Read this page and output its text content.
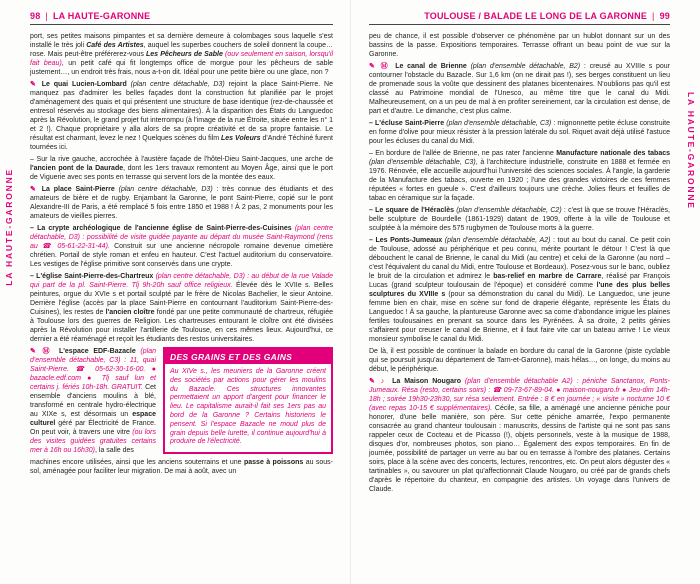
98 | LA HAUTE-GARONNE

port, ses petites maisons pimpantes et sa dernière demeure à colombages sous laquelle s'est installé le très joli Café des Artistes, auquel les superbes couchers de soleil donnent la coupe… rose. Mais peut-être préférerez-vous Les Pêcheurs de Sable (ouv seulement en saison, lorsqu'il fait beau), un petit café qui fit longtemps office de morgue pour les pêcheurs de sable justement…, un endroit très frais, nous a-t-on dit. Idéal pour une petite bière ou une glace, non ?

✎ Le quai Lucien-Lombard (plan centre détachable, D3) rejoint la place Saint-Pierre. Ne manquez pas d'admirer les belles façades dont la construction fut planifiée par le projet d'aménagement des quais et qui présentent une structure de base identique (rez-de-chaussée et entresol réservés au stockage des biens alimentaires). À la disparition des États du Languedoc après la Révolution, le grand projet fut interrompu (à l'image de la rue Étroite, située entre les n° 1 et 2 !). Chaque propriétaire y alla alors de sa propre créativité et de sa propre fantaisie. Le résultat est charmant, levez le nez ! Quelques scènes du film Les Voleurs d'André Téchiné furent tournées ici.

– Sur la rive gauche, accrochée à l'austère façade de l'hôtel-Dieu Saint-Jacques, une arche de l'ancien pont de la Daurade, dont les 1ers travaux remontent au Moyen Âge, ainsi que le port de Viguerie avec ses ponts en terrasse qui servent lors de la montée des eaux.

✎ La place Saint-Pierre (plan centre détachable, D3) : très connue des étudiants et des amateurs de bière et de rugby. Enjambant la Garonne, le pont Saint-Pierre, copié sur le pont Alexandre-III de Paris, a été remplacé 5 fois entre 1850 et 1988 ! À 2 pas, 2 monuments pour les amateurs de vieilles pierres.

– La crypte archéologique de l'ancienne église de Saint-Pierre-des-Cuisines (plan centre détachable, D3) : possibilité de visite guidée payante au départ du musée Saint-Raymond (rens au ☎ 05-61-22-31-44). Construit sur une ancienne nécropole romaine devenue cimetière chrétien. Portail de style roman et enfeu en hauteur. C'est l'actuel auditorium du conservatoire. Les vestiges de l'église primitive sont conservés dans une crypte.

– L'église Saint-Pierre-des-Chartreux (plan centre détachable, D3) : au début de la rue Valade qui part de la pl. Saint-Pierre. Tlj 9h-20h sauf office religieux. Élevée dès le XVIIe s. Belles peintures, orgue du XVIe s et portail sculpté par le frère de Nicolas Bachelier, le sieur Antoine. Derrière l'église (accès par la place Saint-Pierre en contournant l'auditorium Saint-Pierre-des-Cuisines), les restes de l'ancien cloître fondé par une petite communauté de chartreux, réfugiée à Toulouse lors des guerres de Religion. Les chartreuses entourant le cloître ont été divisées après la Révolution pour installer l'artillerie de Toulouse, en ces mêmes lieux. Aujourd'hui, ce dernier a été réaménagé et reçoit les étudiants des restos universitaires.

✎ Ⓜ L'espace EDF-Bazacle (plan d'ensemble détachable, C3) : 11, quai Saint-Pierre. ☎ 05-62-30-16-00. ● bazacle.edf.com ● Tlj sauf lun et certains j. fériés 10h-18h. GRATUIT. Cet ensemble d'anciens moulins à blé, transformé en centrale hydro-électrique au XIXe s, est désormais un espace culturel géré par Électricité de France. On peut voir, à travers une vitre (ou lors des visites guidées gratuites certains mer à 16h ou 16h30), la salle des

DES GRAINS ET DES GAINS

Au XIVe s., les meuniers de la Garonne créent des sociétés par actions pour gérer les moulins du Bazacle. Ces structures innovantes permettaient un apport d'argent pour financer le lieu. Le capitalisme aurait-il fait ses 1ers pas au bord de la Garonne ? Certains historiens le pensent. Si l'espace Bazacle ne moud plus de grain depuis belle lurette, il continue aujourd'hui à produire de l'électricité.

machines encore utilisées, ainsi que les anciens souterrains et une passe à poissons au sous-sol, aménagée pour faciliter leur migration. De mai à août, avec un

TOULOUSE / BALADE LE LONG DE LA GARONNE | 99

peu de chance, il est possible d'observer ce phénomène par un hublot donnant sur un des bassins de la passe. Expositions temporaires. Terrasse offrant un beau point de vue sur la Garonne.

✎ Ⓜ Le canal de Brienne (plan d'ensemble détachable, B2) : creusé au XVIIIe s pour contourner l'obstacle du Bazacle. Sur 1,6 km (on ne dirait pas !), ses berges constituent un lieu de promenade sous la voûte que dessinent des platanes bicentenaires. N'oublions pas qu'il est classé au Patrimoine mondial de l'Unesco, au même titre que le canal du Midi. Malheureusement, on a un peu de mal à en profiter sereinement, car la circulation est dense, de part et d'autre. Le dimanche, c'est plus calme.

– L'écluse Saint-Pierre (plan d'ensemble détachable, C3) : mignonnette petite écluse construite en forme d'olive pour mieux résister à la pression latérale du sol. Riquet avait déjà utilisé l'astuce pour les écluses du canal du Midi.

– En bordure de l'allée de Brienne, ne pas rater l'ancienne Manufacture nationale des tabacs (plan d'ensemble détachable, C3), à l'architecture industrielle, construite en 1888 et fermée en 1976. Rénovée, elle accueille aujourd'hui l'université des sciences sociales. À l'angle, la garderie de la Manufacture des tabacs, ouverte en 1920 ; l'une des grandes victoires de ces femmes réputées « fortes en gueule ». C'est d'ailleurs toujours une crèche. Jolies fleurs et feuilles de tabac en céramique sur la façade.

– Le square de l'Héraclès (plan d'ensemble détachable, C2) : c'est là que se trouve l'Héraclès, belle sculpture de Bourdelle (1861-1929) datant de 1909, offerte à la ville de Toulouse et sculptée à la mémoire des 575 rugbymen de Toulouse morts à la guerre.

– Les Ponts-Jumeaux (plan d'ensemble détachable, A2) : tout au bout du canal. Ce petit coin de Toulouse, adossé au périphérique et peu connu, mérite pourtant le détour ! C'est là que débouchent le canal de Brienne, le canal du Midi (au centre) et celui de la Garonne (au nord – c'est l'équivalent du canal du Midi, entre Toulouse et Bordeaux). Posez-vous sur le banc, oubliez le bruit de la circulation et admirez le bas-relief en marbre de Carrare, réalisé par François Lucas (grand sculpteur toulousain de l'époque) et considéré comme l'une des plus belles sculptures du XVIIIe s (pour sa démonstration du canal du Midi). Le Languedoc, une jeune femme bien en chair, mise en scène sur fond de draperie élégante, représente les États du Languedoc ! À sa gauche, la plantureuse Garonne avec sa corne d'abondance irrigue les plaines fertiles toulousaines en prenant sa source dans les Pyrénées. À sa droite, 2 petits génies s'affairent pour creuser le canal de Brienne, et il faut faire vite car un bateau arrive ! Le vieux monsieur symbolise le canal du Midi.

De là, il est possible de continuer la balade en bordure du canal de la Garonne (piste cyclable qui se poursuit jusqu'au département de Tarn-et-Garonne), mais hélas…, on longe, du moins au début, le périphérique.

✎ ♪ La Maison Nougaro (plan d'ensemble détachable A2) : péniche Sanctanox, Ponts-Jumeaux. Résa (resto, certains soirs) : ☎ 09-73-67-89-04. ● maison-nougaro.fr ● Jeu-dim 14h-18h ; soirée 19h30-23h30, sur résa seulement. Entrée : 8 € en journée ; « visite » nocturne 10 € (avec repas 10-15 € supplémentaires). Cécile, sa fille, a aménagé une ancienne péniche pour honorer, d'une belle manière, son père. Sur cette péniche amarrée, l'expo permanente consacrée au grand chanteur toulousain : manuscrits, dessins de l'artiste qui ne sont pas sans rappeler ceux de Cocteau et de Picasso (!), objets personnels, veste à la musique de 1988, disques d'or, nombreuses photos, son piano… Également des expos temporaires. En fin de journée, possibilité de partager un verre au bar ou en terrasse à l'ombre des platanes. Certains soirs, place à la scène avec des concerts, lectures, rencontres, etc. On peut alors déguster des « tartinables », ou savourer un plat qu'affectionnait Claude Nougaro, ou créé par de grands chefs d'après le répertoire du chanteur, en compagnie des artistes. Un voyage dans l'univers de Claude.

LA HAUTE-GARONNE
LA HAUTE-GARONNE
